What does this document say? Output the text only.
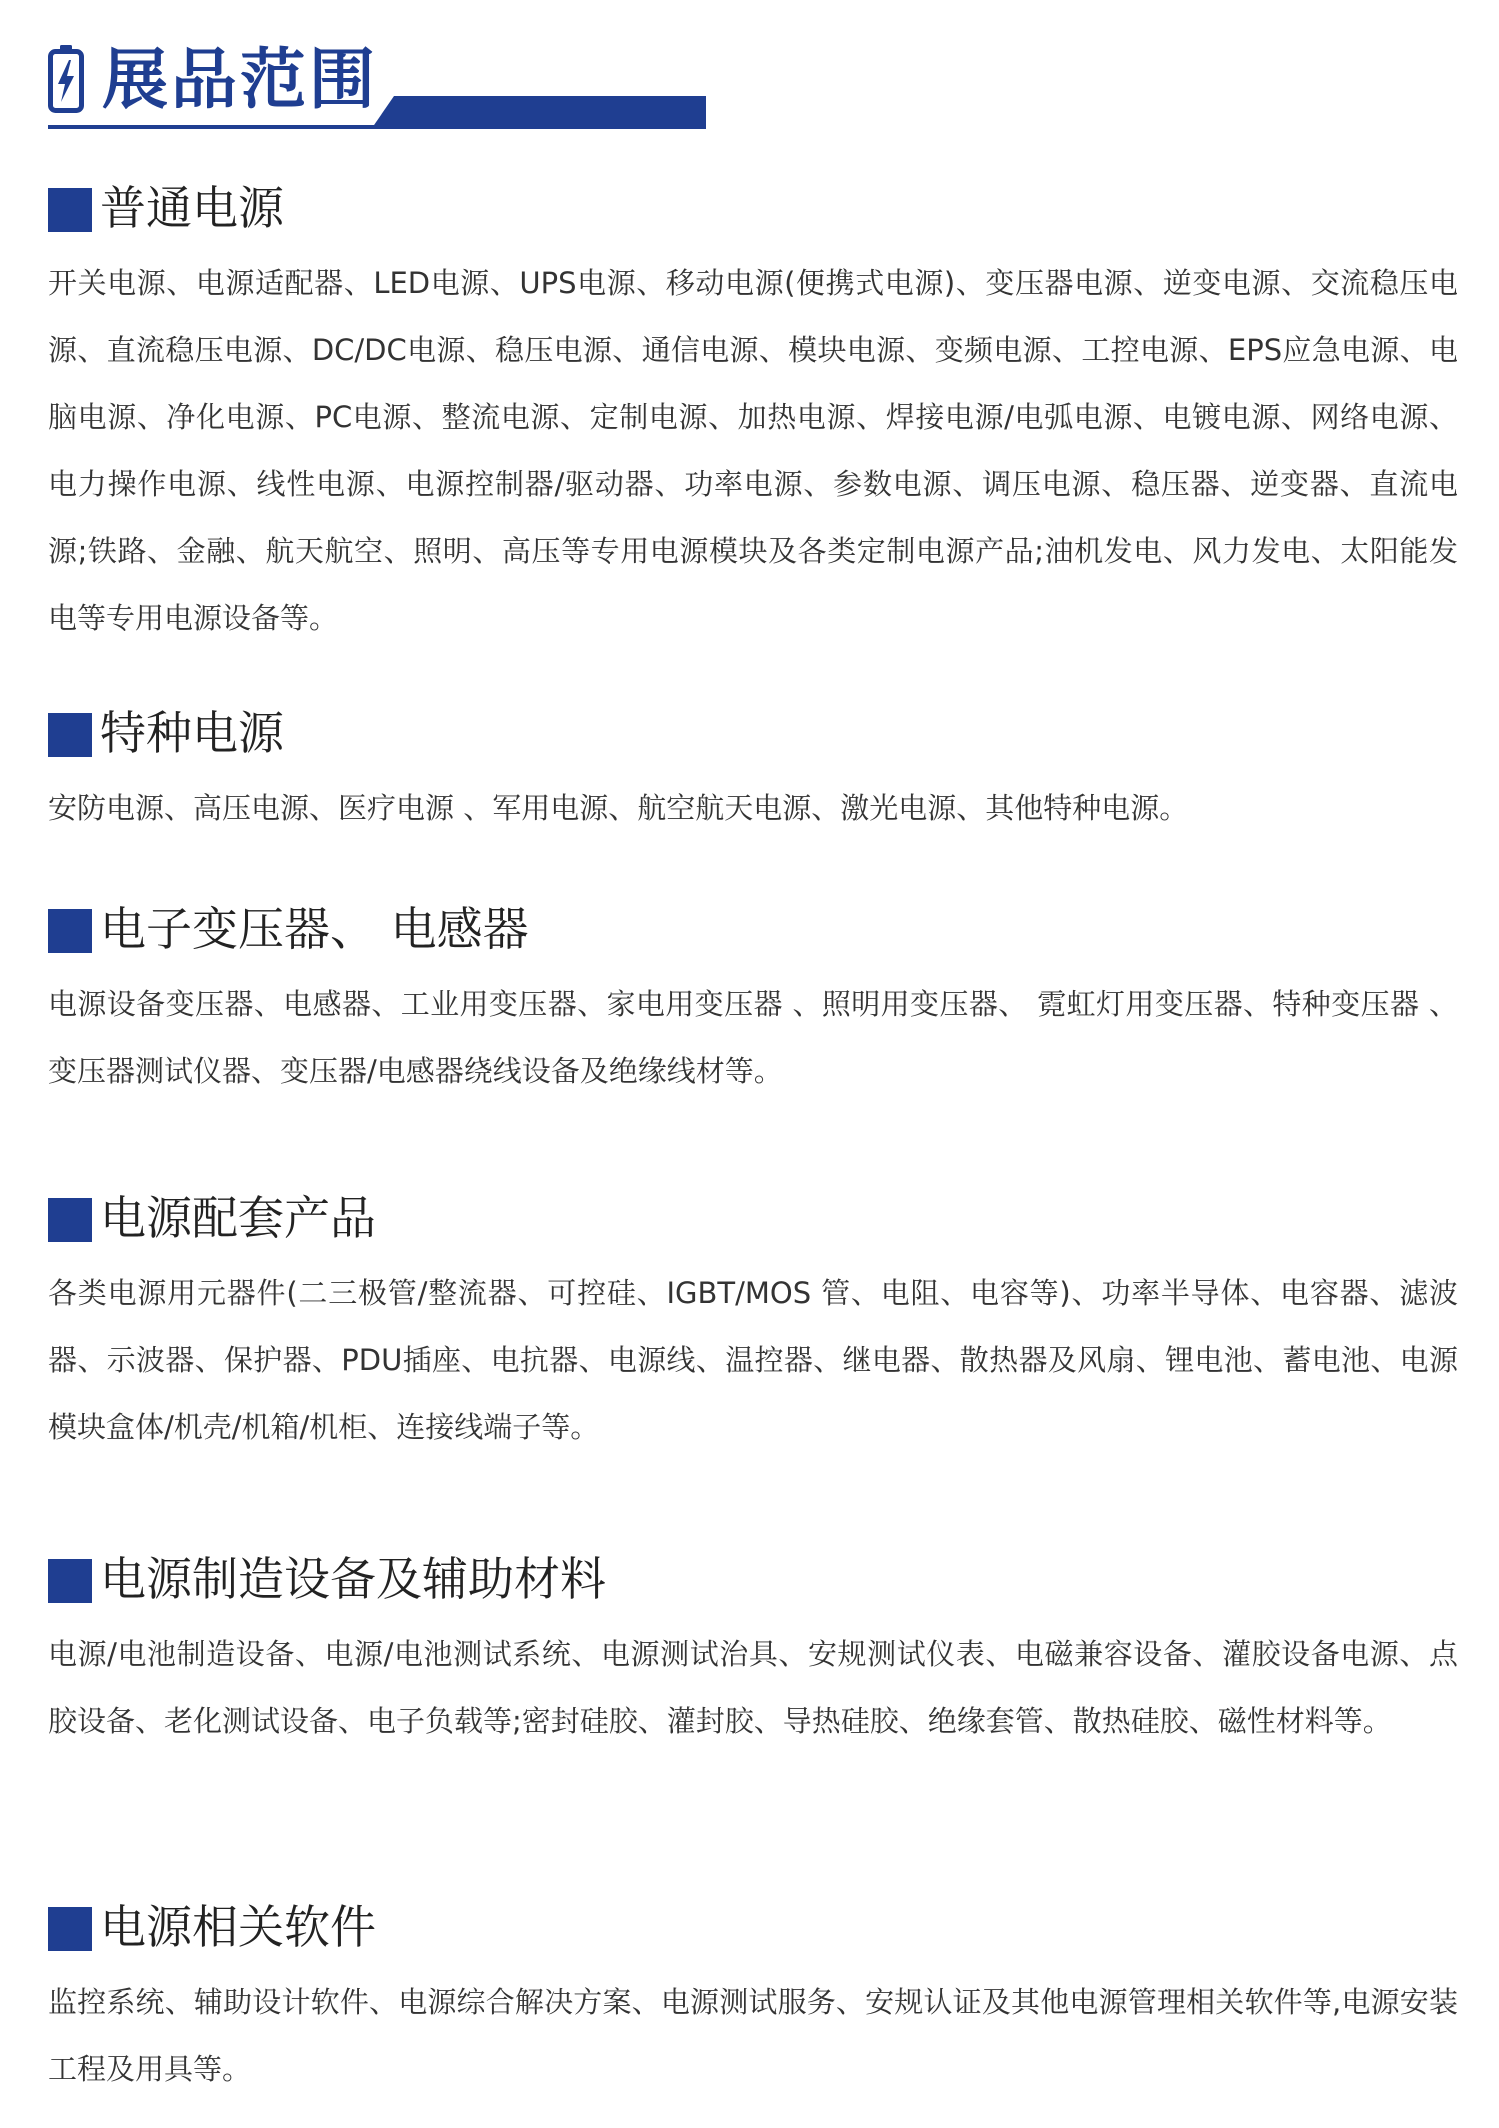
展品范围
普通电源

开关电源、电源适配器、LED电源、UPS电源、移动电源(便携式电源)、变压器电源、逆变电源、交流稳压电源、直流稳压电源、DC/DC电源、稳压电源、通信电源、模块电源、变频电源、工控电源、EPS应急电源、电脑电源、净化电源、PC电源、整流电源、定制电源、加热电源、焊接电源/电弧电源、电镀电源、网络电源、电力操作电源、线性电源、电源控制器/驱动器、功率电源、参数电源、调压电源、稳压器、逆变器、直流电源;铁路、金融、航天航空、照明、高压等专用电源模块及各类定制电源产品;油机发电、风力发电、太阳能发电等专用电源设备等。

特种电源

安防电源、高压电源、医疗电源 、军用电源、航空航天电源、激光电源、其他特种电源。

电子变压器、 电感器

电源设备变压器、电感器、工业用变压器、家电用变压器 、照明用变压器、 霓虹灯用变压器、特种变压器 、变压器测试仪器、变压器/电感器绕线设备及绝缘线材等。

电源配套产品

各类电源用元器件(二三极管/整流器、可控硅、IGBT/MOS 管、电阻、电容等)、功率半导体、电容器、滤波器、示波器、保护器、PDU插座、电抗器、电源线、温控器、继电器、散热器及风扇、锂电池、蓄电池、电源模块盒体/机壳/机箱/机柜、连接线端子等。

电源制造设备及辅助材料

电源/电池制造设备、电源/电池测试系统、电源测试治具、安规测试仪表、电磁兼容设备、灌胶设备电源、点胶设备、老化测试设备、电子负载等;密封硅胶、灌封胶、导热硅胶、绝缘套管、散热硅胶、磁性材料等。

电源相关软件

监控系统、辅助设计软件、电源综合解决方案、电源测试服务、安规认证及其他电源管理相关软件等,电源安装工程及用具等。
